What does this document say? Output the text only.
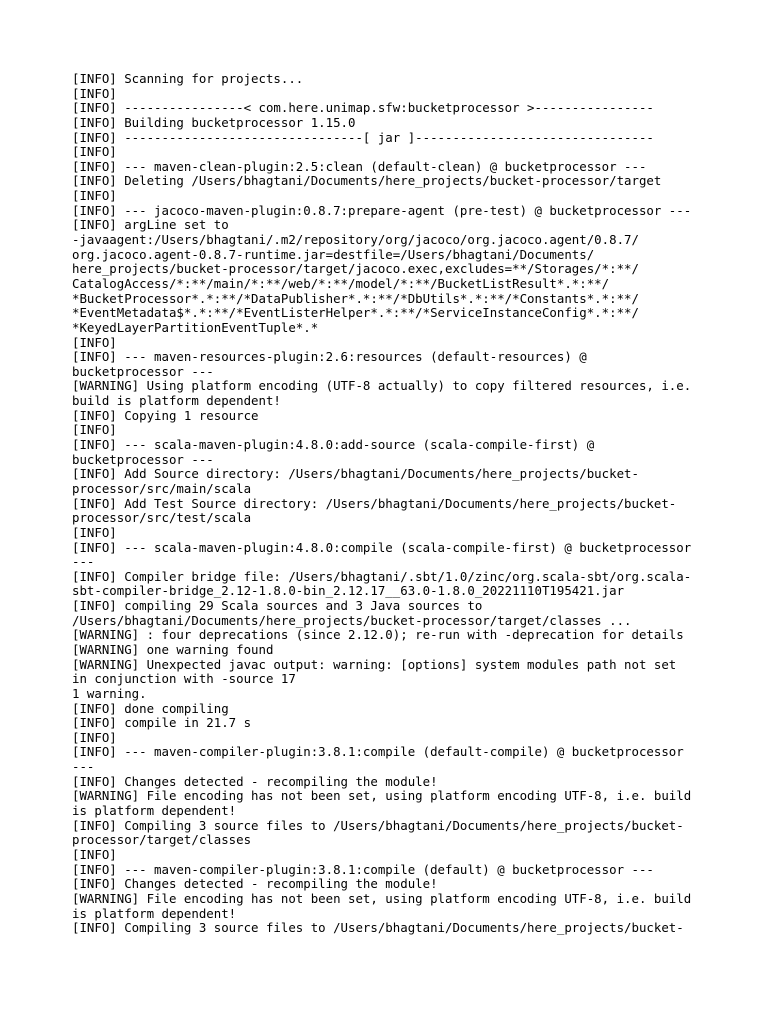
[INFO] Scanning for projects...
[INFO]
[INFO] ----------------< com.here.unimap.sfw:bucketprocessor >----------------
[INFO] Building bucketprocessor 1.15.0
[INFO] --------------------------------[ jar ]--------------------------------
[INFO]
[INFO] --- maven-clean-plugin:2.5:clean (default-clean) @ bucketprocessor ---
[INFO] Deleting /Users/bhagtani/Documents/here_projects/bucket-processor/target
[INFO]
[INFO] --- jacoco-maven-plugin:0.8.7:prepare-agent (pre-test) @ bucketprocessor ---
[INFO] argLine set to
-javaagent:/Users/bhagtani/.m2/repository/org/jacoco/org.jacoco.agent/0.8.7/
org.jacoco.agent-0.8.7-runtime.jar=destfile=/Users/bhagtani/Documents/
here_projects/bucket-processor/target/jacoco.exec,excludes=**/Storages/*:**/
CatalogAccess/*:**/main/*:**/web/*:**/model/*:**/BucketListResult*.*:**/
*BucketProcessor*.*:**/*DataPublisher*.*:**/*DbUtils*.*:**/*Constants*.*:**/
*EventMetadata$*.*:**/*EventListerHelper*.*:**/*ServiceInstanceConfig*.*:**/
*KeyedLayerPartitionEventTuple*.*
[INFO]
[INFO] --- maven-resources-plugin:2.6:resources (default-resources) @
bucketprocessor ---
[WARNING] Using platform encoding (UTF-8 actually) to copy filtered resources, i.e.
build is platform dependent!
[INFO] Copying 1 resource
[INFO]
[INFO] --- scala-maven-plugin:4.8.0:add-source (scala-compile-first) @
bucketprocessor ---
[INFO] Add Source directory: /Users/bhagtani/Documents/here_projects/bucket-
processor/src/main/scala
[INFO] Add Test Source directory: /Users/bhagtani/Documents/here_projects/bucket-
processor/src/test/scala
[INFO]
[INFO] --- scala-maven-plugin:4.8.0:compile (scala-compile-first) @ bucketprocessor
---
[INFO] Compiler bridge file: /Users/bhagtani/.sbt/1.0/zinc/org.scala-sbt/org.scala-
sbt-compiler-bridge_2.12-1.8.0-bin_2.12.17__63.0-1.8.0_20221110T195421.jar
[INFO] compiling 29 Scala sources and 3 Java sources to
/Users/bhagtani/Documents/here_projects/bucket-processor/target/classes ...
[WARNING] : four deprecations (since 2.12.0); re-run with -deprecation for details
[WARNING] one warning found
[WARNING] Unexpected javac output: warning: [options] system modules path not set
in conjunction with -source 17
1 warning.
[INFO] done compiling
[INFO] compile in 21.7 s
[INFO]
[INFO] --- maven-compiler-plugin:3.8.1:compile (default-compile) @ bucketprocessor
---
[INFO] Changes detected - recompiling the module!
[WARNING] File encoding has not been set, using platform encoding UTF-8, i.e. build
is platform dependent!
[INFO] Compiling 3 source files to /Users/bhagtani/Documents/here_projects/bucket-
processor/target/classes
[INFO]
[INFO] --- maven-compiler-plugin:3.8.1:compile (default) @ bucketprocessor ---
[INFO] Changes detected - recompiling the module!
[WARNING] File encoding has not been set, using platform encoding UTF-8, i.e. build
is platform dependent!
[INFO] Compiling 3 source files to /Users/bhagtani/Documents/here_projects/bucket-
